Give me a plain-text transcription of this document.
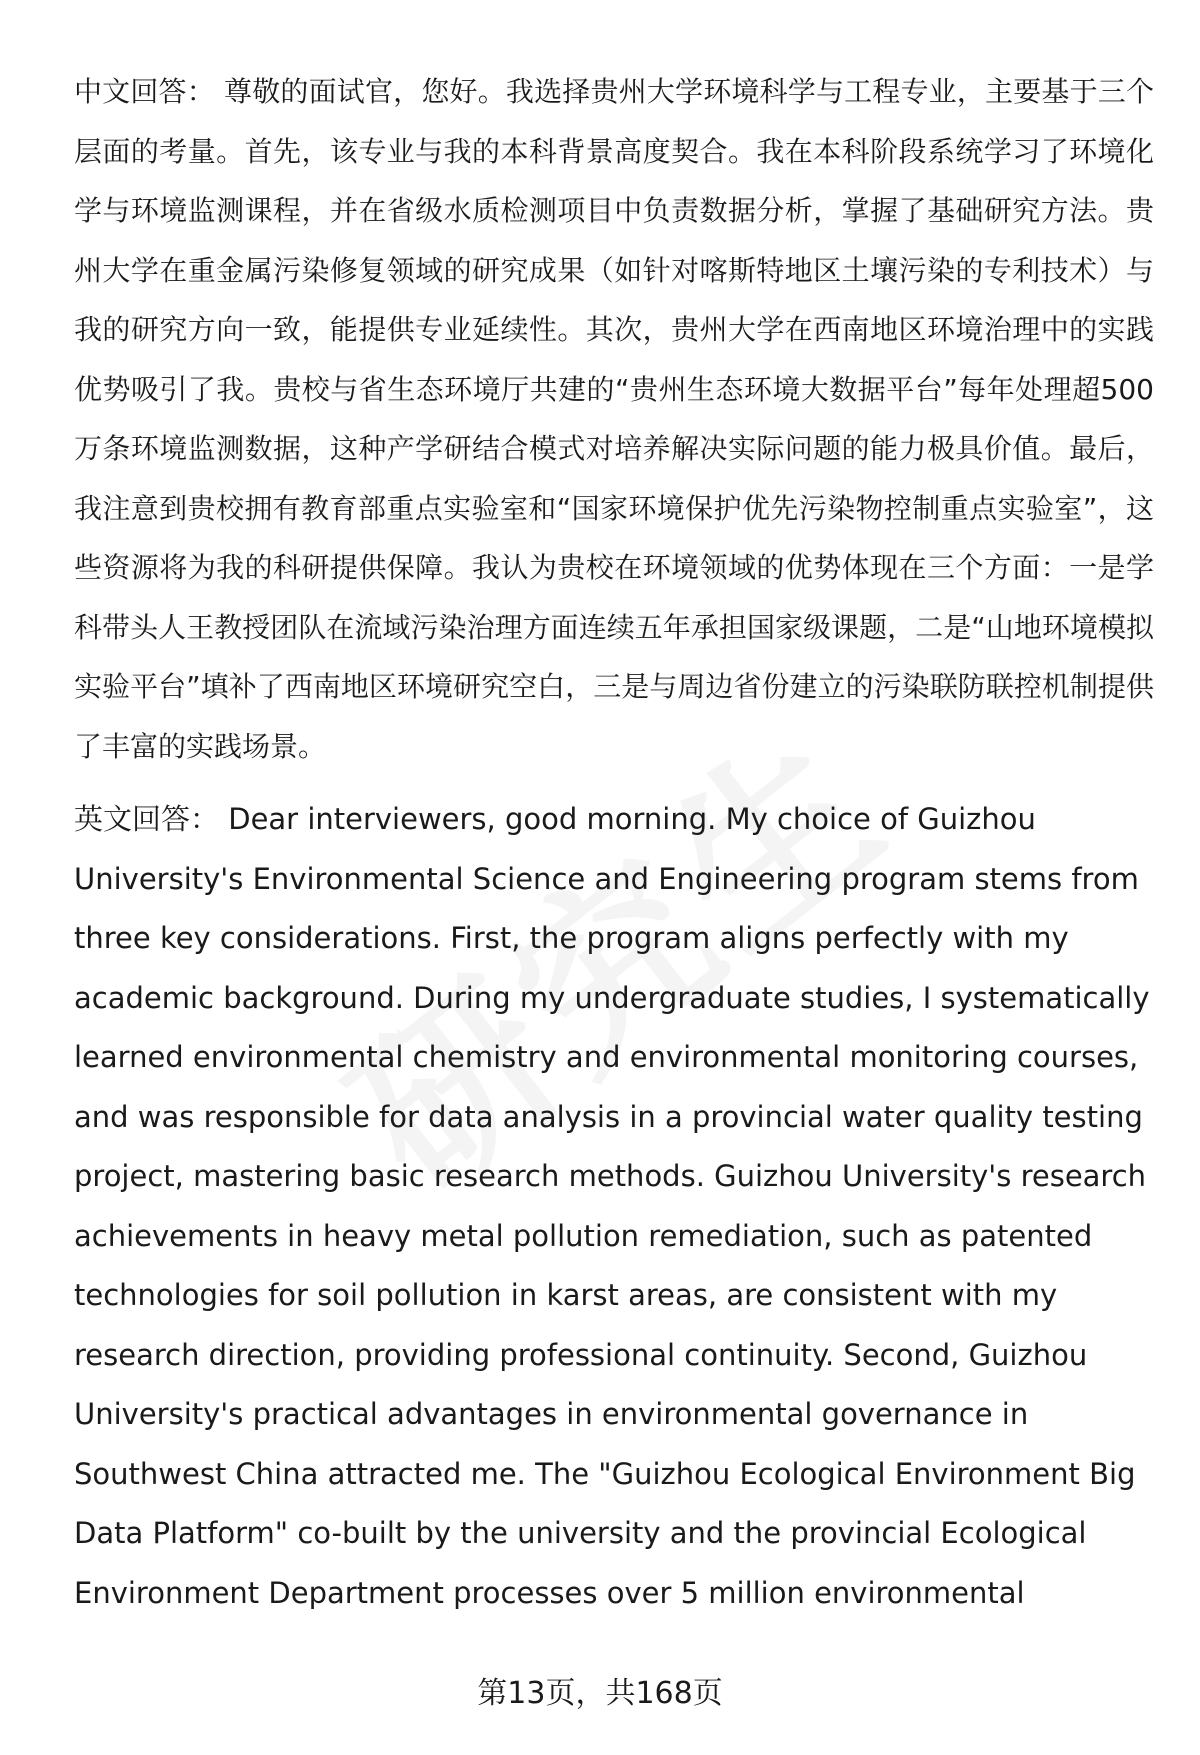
中文回答： 尊敬的面试官，您好。我选择贵州大学环境科学与工程专业，主要基于三个层面的考量。首先，该专业与我的本科背景高度契合。我在本科阶段系统学习了环境化学与环境监测课程，并在省级水质检测项目中负责数据分析，掌握了基础研究方法。贵州大学在重金属污染修复领域的研究成果（如针对喀斯特地区土壤污染的专利技术）与我的研究方向一致，能提供专业延续性。其次，贵州大学在西南地区环境治理中的实践优势吸引了我。贵校与省生态环境厅共建的“贵州生态环境大数据平台”每年处理超500万条环境监测数据，这种产学研结合模式对培养解决实际问题的能力极具价值。最后，我注意到贵校拥有教育部重点实验室和“国家环境保护优先污染物控制重点实验室”，这些资源将为我的科研提供保障。我认为贵校在环境领域的优势体现在三个方面：一是学科带头人王教授团队在流域污染治理方面连续五年承担国家级课题，二是“山地环境模拟实验平台”填补了西南地区环境研究空白，三是与周边省份建立的污染联防联控机制提供了丰富的实践场景。

英文回答： Dear interviewers, good morning. My choice of Guizhou University's Environmental Science and Engineering program stems from three key considerations. First, the program aligns perfectly with my academic background. During my undergraduate studies, I systematically learned environmental chemistry and environmental monitoring courses, and was responsible for data analysis in a provincial water quality testing project, mastering basic research methods. Guizhou University's research achievements in heavy metal pollution remediation, such as patented technologies for soil pollution in karst areas, are consistent with my research direction, providing professional continuity. Second, Guizhou University's practical advantages in environmental governance in Southwest China attracted me. The "Guizhou Ecological Environment Big Data Platform" co-built by the university and the provincial Ecological Environment Department processes over 5 million environmental

第13页，共168页
